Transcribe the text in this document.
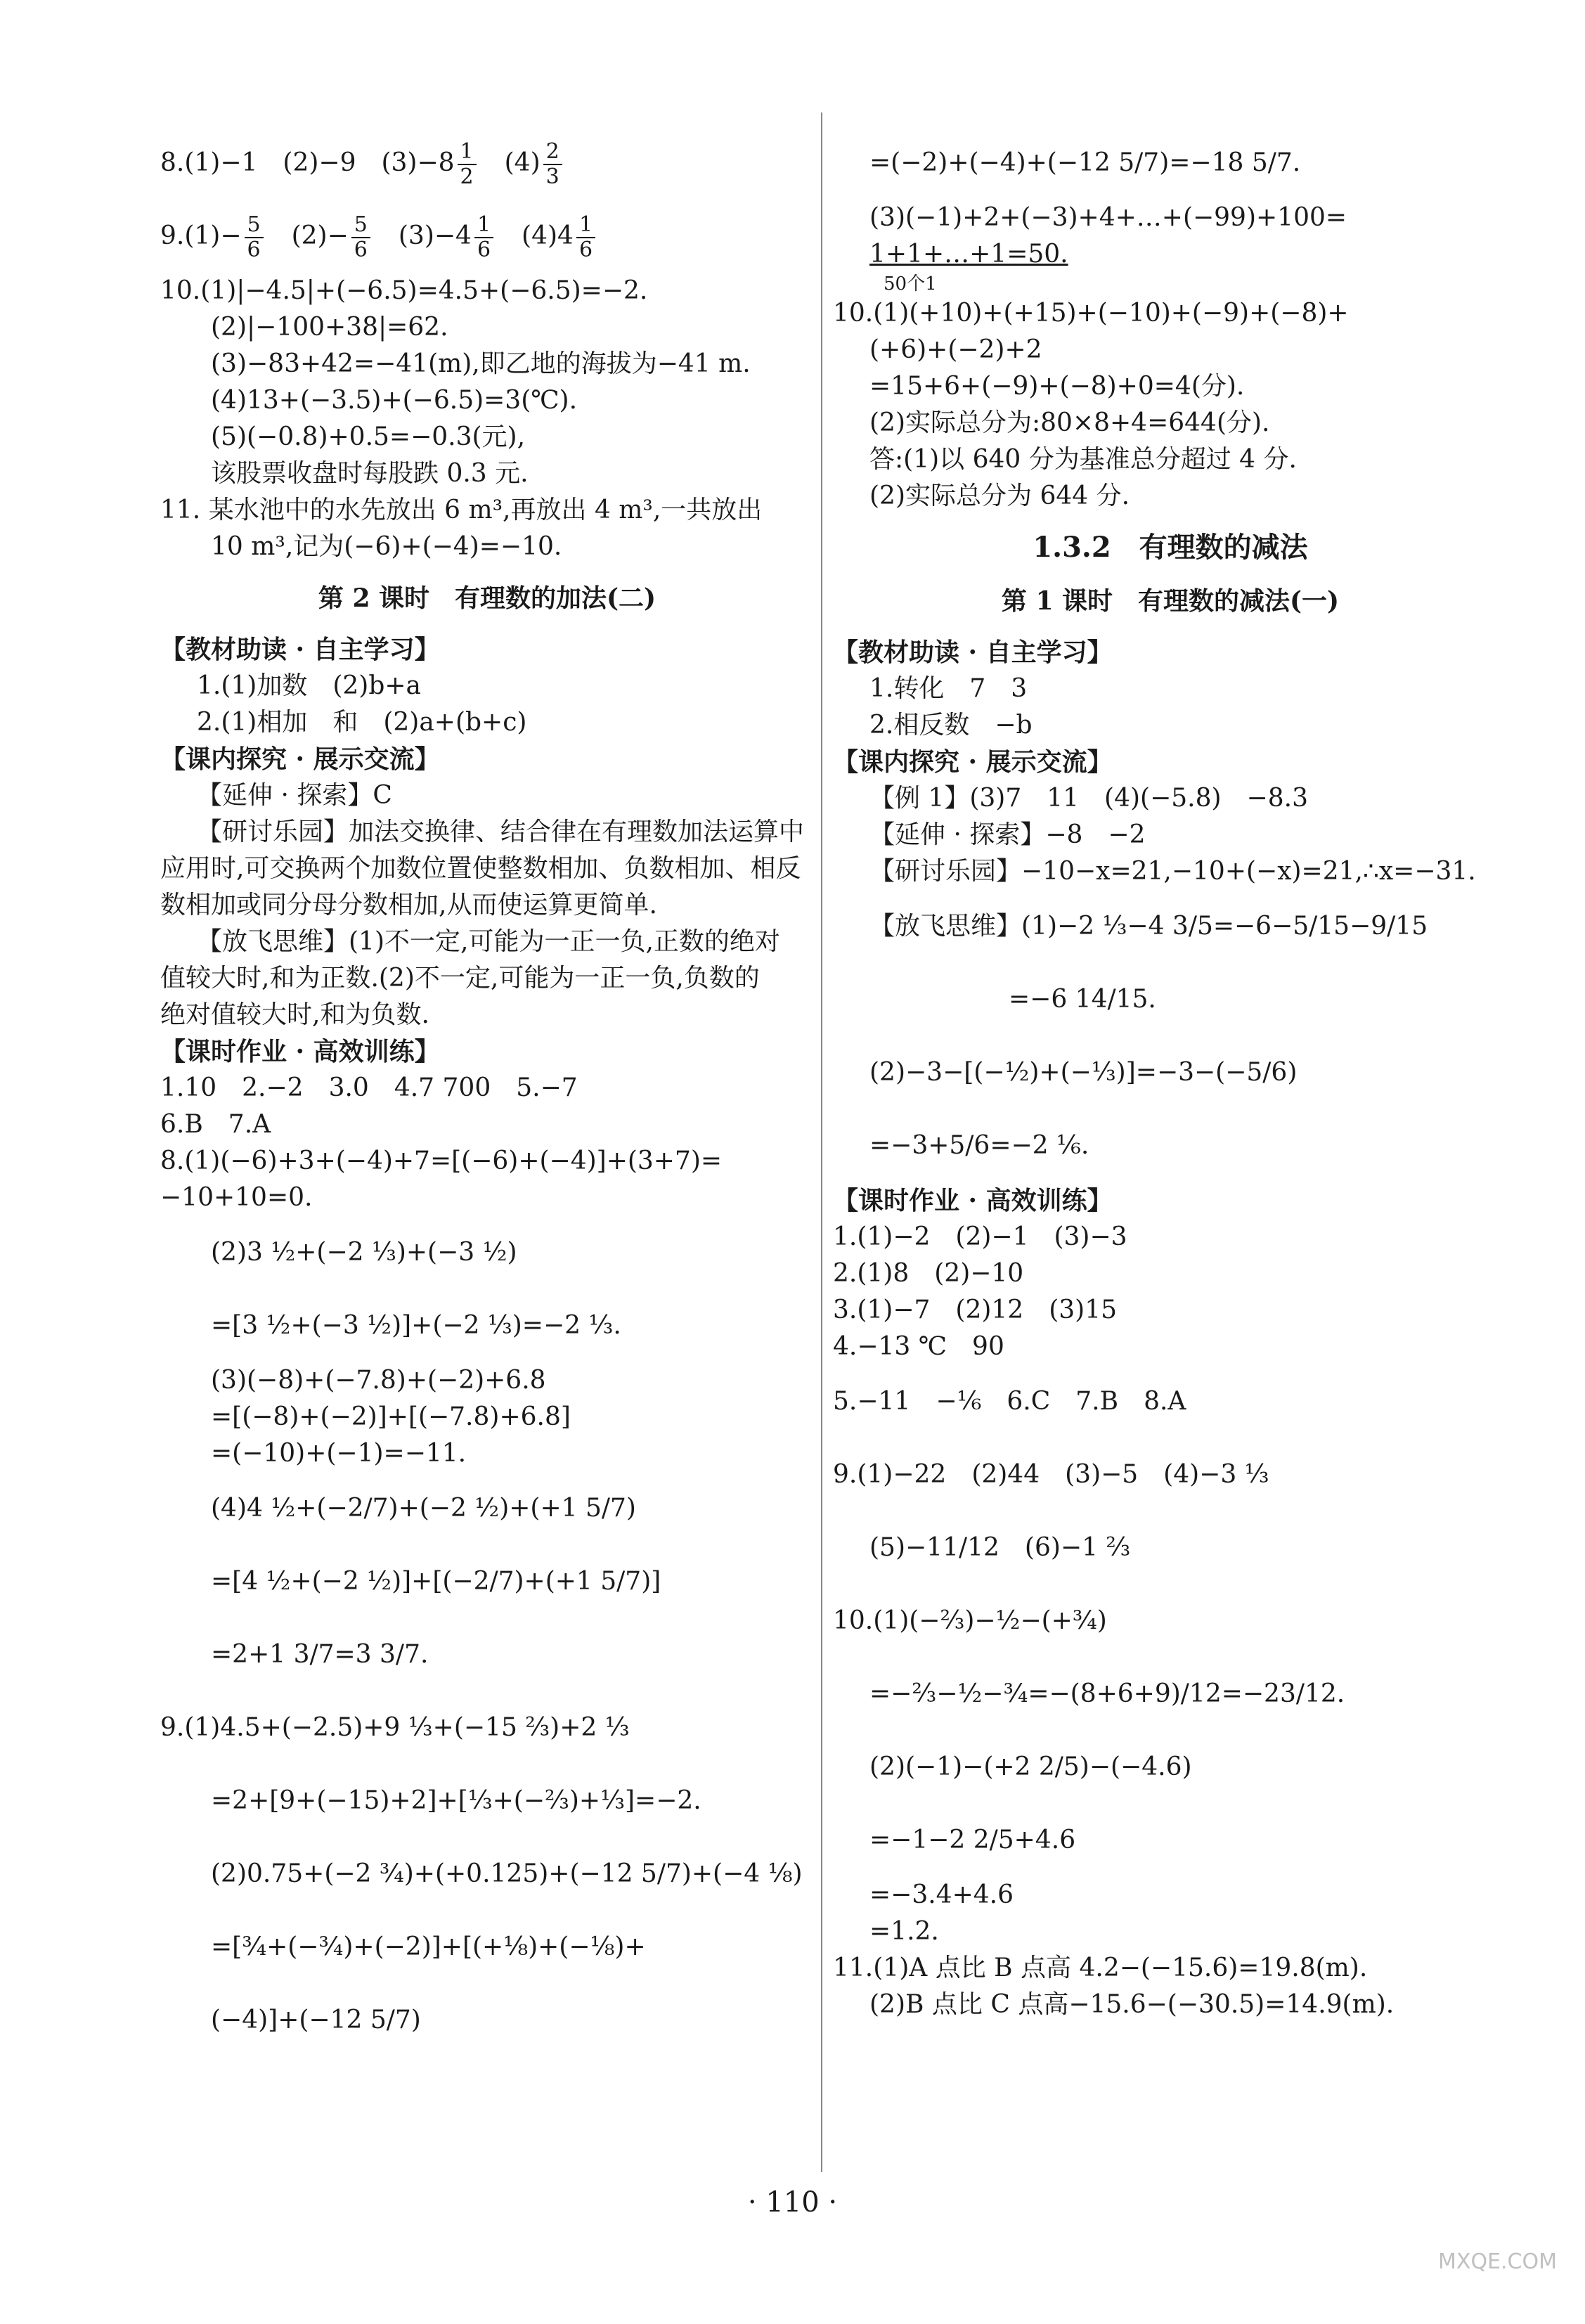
8.(1)−1　(2)−9　$(3)-8 \frac{1}{2}$ 　$(4) \frac{2}{3}$

$9.(1)- \frac{5}{6}$ 　$(2)- \frac{5}{6}$ 　$(3)-4 \frac{1}{6}$ 　$(4)4 \frac{1}{6}$

10.(1)|−4.5|+(−6.5)=4.5+(−6.5)=−2.

(2)|−100+38|=62.

(3)−83+42=−41(m),即乙地的海拔为−41 m.

(4)13+(−3.5)+(−6.5)=3(℃).

(5)(−0.8)+0.5=−0.3(元),

该股票收盘时每股跌 0.3 元.

11. 某水池中的水先放出 6 m³,再放出 4 m³,一共放出

10 m³,记为(−6)+(−4)=−10.

第 2 课时　有理数的加法(二)

【教材助读 · 自主学习】

1.(1)加数　(2)b+a

2.(1)相加　和　(2)a+(b+c)

【课内探究 · 展示交流】

【延伸 · 探索】C

【研讨乐园】加法交换律、结合律在有理数加法运算中

应用时,可交换两个加数位置使整数相加、负数相加、相反

数相加或同分母分数相加,从而使运算更简单.

【放飞思维】(1)不一定,可能为一正一负,正数的绝对

值较大时,和为正数.(2)不一定,可能为一正一负,负数的

绝对值较大时,和为负数.

【课时作业 · 高效训练】

1.10　2.−2　3.0　4.7 700　5.−7

6.B　7.A

8.(1)(−6)+3+(−4)+7=[(−6)+(−4)]+(3+7)=

−10+10=0.

(2)3 ½+(−2 ⅓)+(−3 ½)

=[3 ½+(−3 ½)]+(−2 ⅓)=−2 ⅓.

(3)(−8)+(−7.8)+(−2)+6.8

=[(−8)+(−2)]+[(−7.8)+6.8]

=(−10)+(−1)=−11.

(4)4 ½+(−2/7)+(−2 ½)+(+1 5/7)

=[4 ½+(−2 ½)]+[(−2/7)+(+1 5/7)]

=2+1 3/7=3 3/7.

9.(1)4.5+(−2.5)+9 ⅓+(−15 ⅔)+2 ⅓

=2+[9+(−15)+2]+[⅓+(−⅔)+⅓]=−2.

(2)0.75+(−2 ¾)+(+0.125)+(−12 5/7)+(−4 ⅛)

=[¾+(−¾)+(−2)]+[(+⅛)+(−⅛)+

(−4)]+(−12 5/7)

=(−2)+(−4)+(−12 5/7)=−18 5/7.

(3)(−1)+2+(−3)+4+…+(−99)+100=

1+1+…+1=50.

50个1

10.(1)(+10)+(+15)+(−10)+(−9)+(−8)+

(+6)+(−2)+2

=15+6+(−9)+(−8)+0=4(分).

(2)实际总分为:80×8+4=644(分).

答:(1)以 640 分为基准总分超过 4 分.

(2)实际总分为 644 分.

1.3.2　有理数的减法

第 1 课时　有理数的减法(一)

【教材助读 · 自主学习】

1.转化　7　3

2.相反数　−b

【课内探究 · 展示交流】

【例 1】(3)7　11　(4)(−5.8)　−8.3

【延伸 · 探索】−8　−2

【研讨乐园】−10−x=21,−10+(−x)=21,∴x=−31.

【放飞思维】(1)−2 ⅓−4 3/5=−6−5/15−9/15

=−6 14/15.

(2)−3−[(−½)+(−⅓)]=−3−(−5/6)

=−3+5/6=−2 ⅙.

【课时作业 · 高效训练】

1.(1)−2　(2)−1　(3)−3

2.(1)8　(2)−10

3.(1)−7　(2)12　(3)15

4.−13 ℃　90

5.−11　−⅙　6.C　7.B　8.A

9.(1)−22　(2)44　(3)−5　(4)−3 ⅓

(5)−11/12　(6)−1 ⅔

10.(1)(−⅔)−½−(+¾)

=−⅔−½−¾=−(8+6+9)/12=−23/12.

(2)(−1)−(+2 2/5)−(−4.6)

=−1−2 2/5+4.6

=−3.4+4.6

=1.2.

11.(1)A 点比 B 点高 4.2−(−15.6)=19.8(m).

(2)B 点比 C 点高−15.6−(−30.5)=14.9(m).

· 110 ·
MXQE.COM
